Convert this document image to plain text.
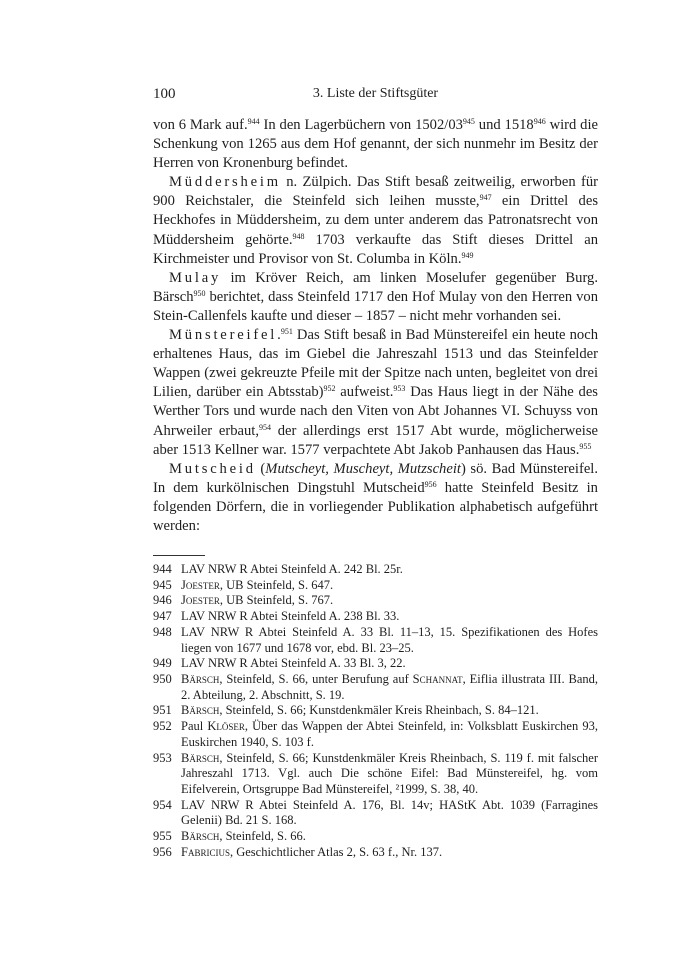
100	3. Liste der Stiftsgüter

von 6 Mark auf.$^{944}$ In den Lagerbüchern von $1502/03^{945}$ und 1518$^{946}$ wird die Schenkung von 1265 aus dem Hof genannt, der sich nunmehr im Besitz der Herren von Kronenburg befindet.

Müddersheim n. Zülpich. Das Stift besaß zeitweilig, erworben für 900 Reichstaler, die Steinfeld sich leihen musste,$^{947}$ ein Drittel des Heckhofes in Müddersheim, zu dem unter anderem das Patronatsrecht von Müddersheim gehörte.$^{948}$ 1703 verkaufte das Stift dieses Drittel an Kirchmeister und Provisor von St. Columba in Köln.$^{949}$

Mulay im Kröver Reich, am linken Moselufer gegenüber Burg. Bärsch$^{950}$ berichtet, dass Steinfeld 1717 den Hof Mulay von den Herren von Stein-Callenfels kaufte und dieser – 1857 – nicht mehr vorhanden sei.

Münstereifel.$^{951}$ Das Stift besaß in Bad Münstereifel ein heute noch erhaltenes Haus, das im Giebel die Jahreszahl 1513 und das Steinfelder Wappen (zwei gekreuzte Pfeile mit der Spitze nach unten, begleitet von drei Lilien, darüber ein Abtsstab)$^{952}$ aufweist.$^{953}$ Das Haus liegt in der Nähe des Werther Tors und wurde nach den Viten von Abt Johannes VI. Schuyss von Ahrweiler erbaut,$^{954}$ der allerdings erst 1517 Abt wurde, möglicherweise aber 1513 Kellner war. 1577 verpachtete Abt Jakob Panhausen das Haus.$^{955}$

Mutscheid (Mutscheyt, Muscheyt, Mutzscheit) sö. Bad Münstereifel. In dem kurkölnischen Dingstuhl Mutscheid$^{956}$ hatte Steinfeld Besitz in folgenden Dörfern, die in vorliegender Publikation alphabetisch aufgeführt werden:

944 LAV NRW R Abtei Steinfeld A. 242 Bl. 25r.
945 Joester, UB Steinfeld, S. 647.
946 Joester, UB Steinfeld, S. 767.
947 LAV NRW R Abtei Steinfeld A. 238 Bl. 33.
948 LAV NRW R Abtei Steinfeld A. 33 Bl. 11–13, 15. Spezifikationen des Hofes liegen von 1677 und 1678 vor, ebd. Bl. 23–25.
949 LAV NRW R Abtei Steinfeld A. 33 Bl. 3, 22.
950 Bärsch, Steinfeld, S. 66, unter Berufung auf Schannat, Eiflia illustrata III. Band, 2. Abteilung, 2. Abschnitt, S. 19.
951 Bärsch, Steinfeld, S. 66; Kunstdenkmäler Kreis Rheinbach, S. 84–121.
952 Paul Klöser, Über das Wappen der Abtei Steinfeld, in: Volksblatt Euskirchen 93, Euskirchen 1940, S. 103 f.
953 Bärsch, Steinfeld, S. 66; Kunstdenkmäler Kreis Rheinbach, S. 119 f. mit falscher Jahreszahl 1713. Vgl. auch Die schöne Eifel: Bad Münstereifel, hg. vom Eifelverein, Ortsgruppe Bad Münstereifel, ²1999, S. 38, 40.
954 LAV NRW R Abtei Steinfeld A. 176, Bl. 14v; HAStK Abt. 1039 (Farragines Gelenii) Bd. 21 S. 168.
955 Bärsch, Steinfeld, S. 66.
956 Fabricius, Geschichtlicher Atlas 2, S. 63 f., Nr. 137.
